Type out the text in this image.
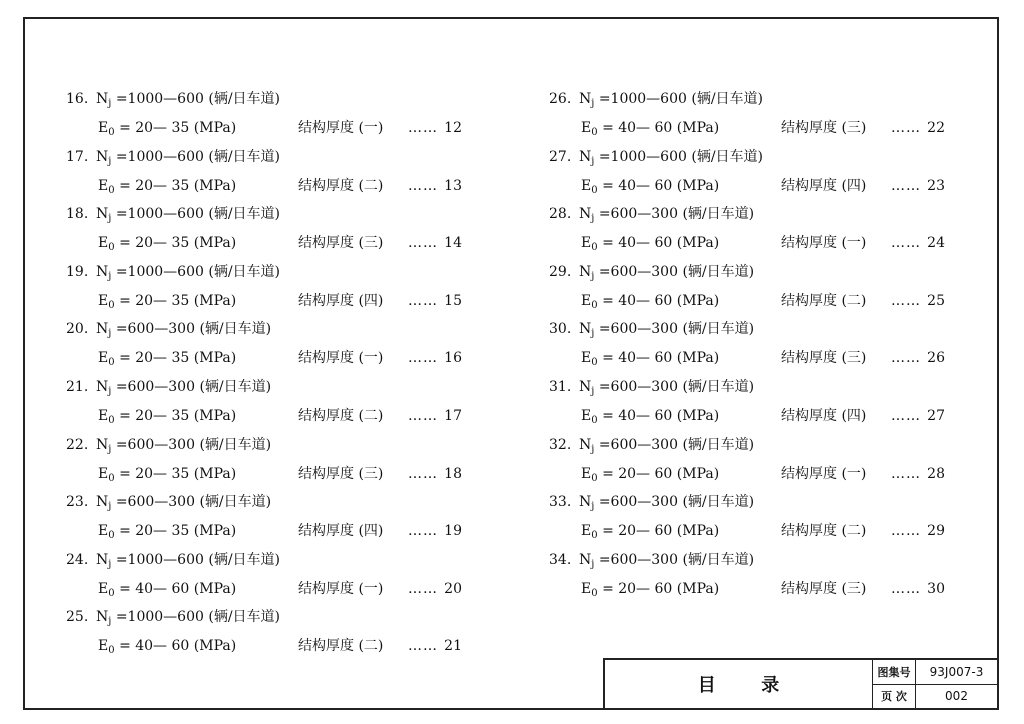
16. $N_j$ =1000—600 (辆/日车道)
$E_0$ = 20— 35 (MPa)	结构厚度 (一) …… 12
17. $N_j$ =1000—600 (辆/日车道)
$E_0$ = 20— 35 (MPa)	结构厚度 (二) …… 13
18. $N_j$ =1000—600 (辆/日车道)
$E_0$ = 20— 35 (MPa)	结构厚度 (三) …… 14
19. $N_j$ =1000—600 (辆/日车道)
$E_0$ = 20— 35 (MPa)	结构厚度 (四) …… 15
20. $N_j$ =600—300 (辆/日车道)
$E_0$ = 20— 35 (MPa)	结构厚度 (一) …… 16
21. $N_j$ =600—300 (辆/日车道)
$E_0$ = 20— 35 (MPa)	结构厚度 (二) …… 17
22. $N_j$ =600—300 (辆/日车道)
$E_0$ = 20— 35 (MPa)	结构厚度 (三) …… 18
23. $N_j$ =600—300 (辆/日车道)
$E_0$ = 20— 35 (MPa)	结构厚度 (四) …… 19
24. $N_j$ =1000—600 (辆/日车道)
$E_0$ = 40— 60 (MPa)	结构厚度 (一) …… 20
25. $N_j$ =1000—600 (辆/日车道)
$E_0$ = 40— 60 (MPa)	结构厚度 (二) …… 21
26. $N_j$ =1000—600 (辆/日车道)
$E_0$ = 40— 60 (MPa)	结构厚度 (三) …… 22
27. $N_j$ =1000—600 (辆/日车道)
$E_0$ = 40— 60 (MPa)	结构厚度 (四) …… 23
28. $N_j$ =600—300 (辆/日车道)
$E_0$ = 40— 60 (MPa)	结构厚度 (一) …… 24
29. $N_j$ =600—300 (辆/日车道)
$E_0$ = 40— 60 (MPa)	结构厚度 (二) …… 25
30. $N_j$ =600—300 (辆/日车道)
$E_0$ = 40— 60 (MPa)	结构厚度 (三) …… 26
31. $N_j$ =600—300 (辆/日车道)
$E_0$ = 40— 60 (MPa)	结构厚度 (四) …… 27
32. $N_j$ =600—300 (辆/日车道)
$E_0$ = 20— 60 (MPa)	结构厚度 (一) …… 28
33. $N_j$ =600—300 (辆/日车道)
$E_0$ = 20— 60 (MPa)	结构厚度 (二) …… 29
34. $N_j$ =600—300 (辆/日车道)
$E_0$ = 20— 60 (MPa)	结构厚度 (三) …… 30
目	录
图集号	93J007-3
页 次	002
